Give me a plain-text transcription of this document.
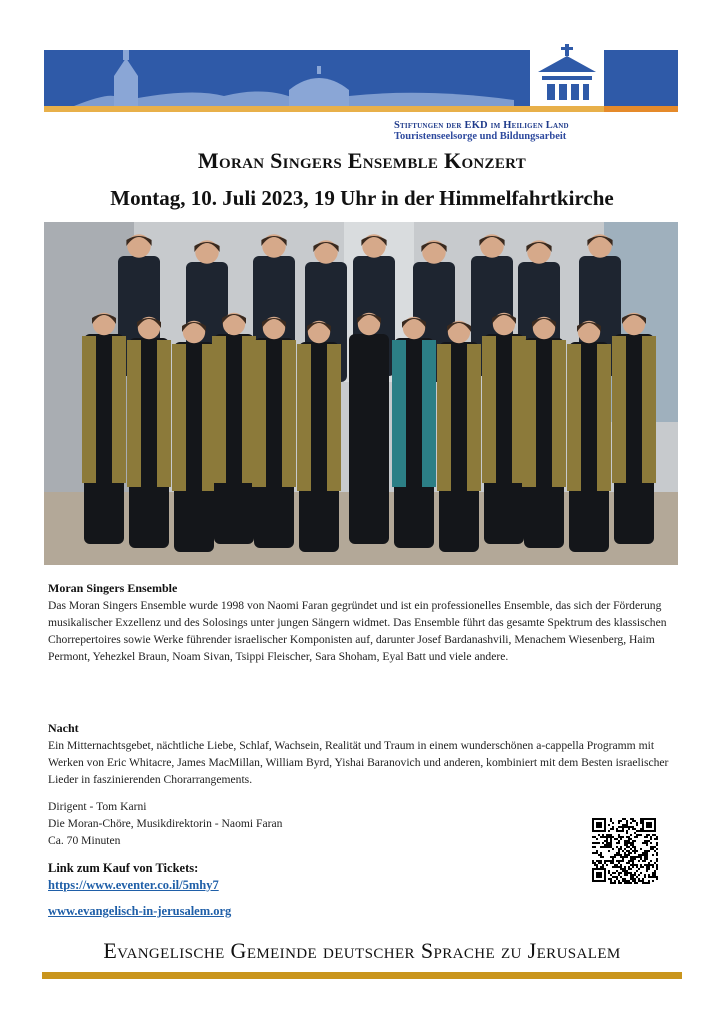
Stiftungen der EKD im Heiligen Land
Touristenseelsorge und Bildungsarbeit
Moran Singers Ensemble Konzert
Montag, 10. Juli 2023, 19 Uhr in der Himmelfahrtkirche
Moran Singers Ensemble

Das Moran Singers Ensemble wurde 1998 von Naomi Faran gegründet und ist ein professionelles Ensemble, das sich der Förderung musikalischer Exzellenz und des Solosings unter jungen Sängern widmet. Das Ensemble führt das gesamte Spektrum des klassischen Chorrepertoires sowie Werke führender israelischer Komponisten auf, darunter Josef Bardanashvili, Menachem Wiesenberg, Haim Permont, Yehezkel Braun, Noam Sivan, Tsippi Fleischer, Sara Shoham, Eyal Batt und viele andere.

Nacht

Ein Mitternachtsgebet, nächtliche Liebe, Schlaf, Wachsein, Realität und Traum in einem wunderschönen a-cappella Programm mit Werken von Eric Whitacre, James MacMillan, William Byrd, Yishai Baranovich und anderen, kombiniert mit dem Besten israelischer Lieder in faszinierenden Chorarrangements.

Dirigent - Tom Karni

Die Moran-Chöre, Musikdirektorin - Naomi Faran

Ca. 70 Minuten

Link zum Kauf von Tickets:
https://www.eventer.co.il/5mhy7
www.evangelisch-in-jerusalem.org
Evangelische Gemeinde deutscher Sprache zu Jerusalem
